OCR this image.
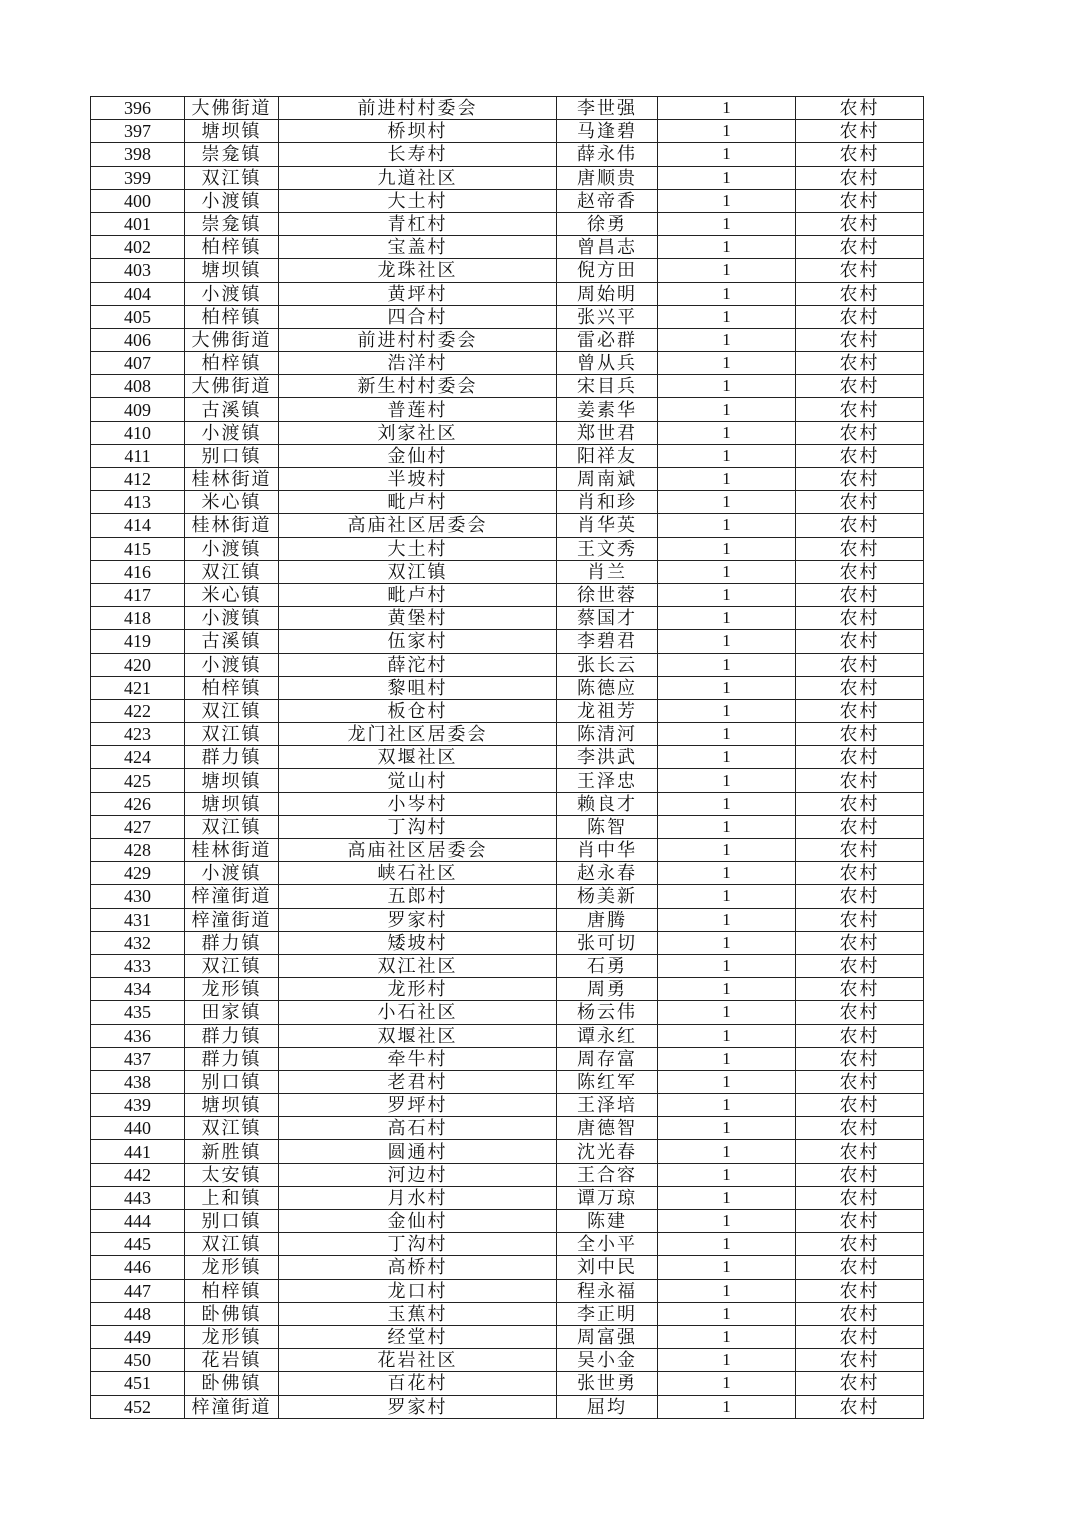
396	大佛街道	前进村村委会	李世强	1	农村
397	塘坝镇	桥坝村	马逢碧	1	农村
398	崇龛镇	长寿村	薛永伟	1	农村
399	双江镇	九道社区	唐顺贵	1	农村
400	小渡镇	大土村	赵帝香	1	农村
401	崇龛镇	青杠村	徐勇	1	农村
402	柏梓镇	宝盖村	曾昌志	1	农村
403	塘坝镇	龙珠社区	倪方田	1	农村
404	小渡镇	黄坪村	周始明	1	农村
405	柏梓镇	四合村	张兴平	1	农村
406	大佛街道	前进村村委会	雷必群	1	农村
407	柏梓镇	浩洋村	曾从兵	1	农村
408	大佛街道	新生村村委会	宋目兵	1	农村
409	古溪镇	普莲村	姜素华	1	农村
410	小渡镇	刘家社区	郑世君	1	农村
411	别口镇	金仙村	阳祥友	1	农村
412	桂林街道	半坡村	周南斌	1	农村
413	米心镇	毗卢村	肖和珍	1	农村
414	桂林街道	高庙社区居委会	肖华英	1	农村
415	小渡镇	大土村	王文秀	1	农村
416	双江镇	双江镇	肖兰	1	农村
417	米心镇	毗卢村	徐世蓉	1	农村
418	小渡镇	黄堡村	蔡国才	1	农村
419	古溪镇	伍家村	李碧君	1	农村
420	小渡镇	薛沱村	张长云	1	农村
421	柏梓镇	黎咀村	陈德应	1	农村
422	双江镇	板仓村	龙祖芳	1	农村
423	双江镇	龙门社区居委会	陈清河	1	农村
424	群力镇	双堰社区	李洪武	1	农村
425	塘坝镇	觉山村	王泽忠	1	农村
426	塘坝镇	小岑村	赖良才	1	农村
427	双江镇	丁沟村	陈智	1	农村
428	桂林街道	高庙社区居委会	肖中华	1	农村
429	小渡镇	峡石社区	赵永春	1	农村
430	梓潼街道	五郎村	杨美新	1	农村
431	梓潼街道	罗家村	唐腾	1	农村
432	群力镇	矮坡村	张可切	1	农村
433	双江镇	双江社区	石勇	1	农村
434	龙形镇	龙形村	周勇	1	农村
435	田家镇	小石社区	杨云伟	1	农村
436	群力镇	双堰社区	谭永红	1	农村
437	群力镇	牵牛村	周存富	1	农村
438	别口镇	老君村	陈红军	1	农村
439	塘坝镇	罗坪村	王泽培	1	农村
440	双江镇	高石村	唐德智	1	农村
441	新胜镇	圆通村	沈光春	1	农村
442	太安镇	河边村	王合容	1	农村
443	上和镇	月水村	谭万琼	1	农村
444	别口镇	金仙村	陈建	1	农村
445	双江镇	丁沟村	全小平	1	农村
446	龙形镇	高桥村	刘中民	1	农村
447	柏梓镇	龙口村	程永福	1	农村
448	卧佛镇	玉蕉村	李正明	1	农村
449	龙形镇	经堂村	周富强	1	农村
450	花岩镇	花岩社区	吴小金	1	农村
451	卧佛镇	百花村	张世勇	1	农村
452	梓潼街道	罗家村	屈均	1	农村
